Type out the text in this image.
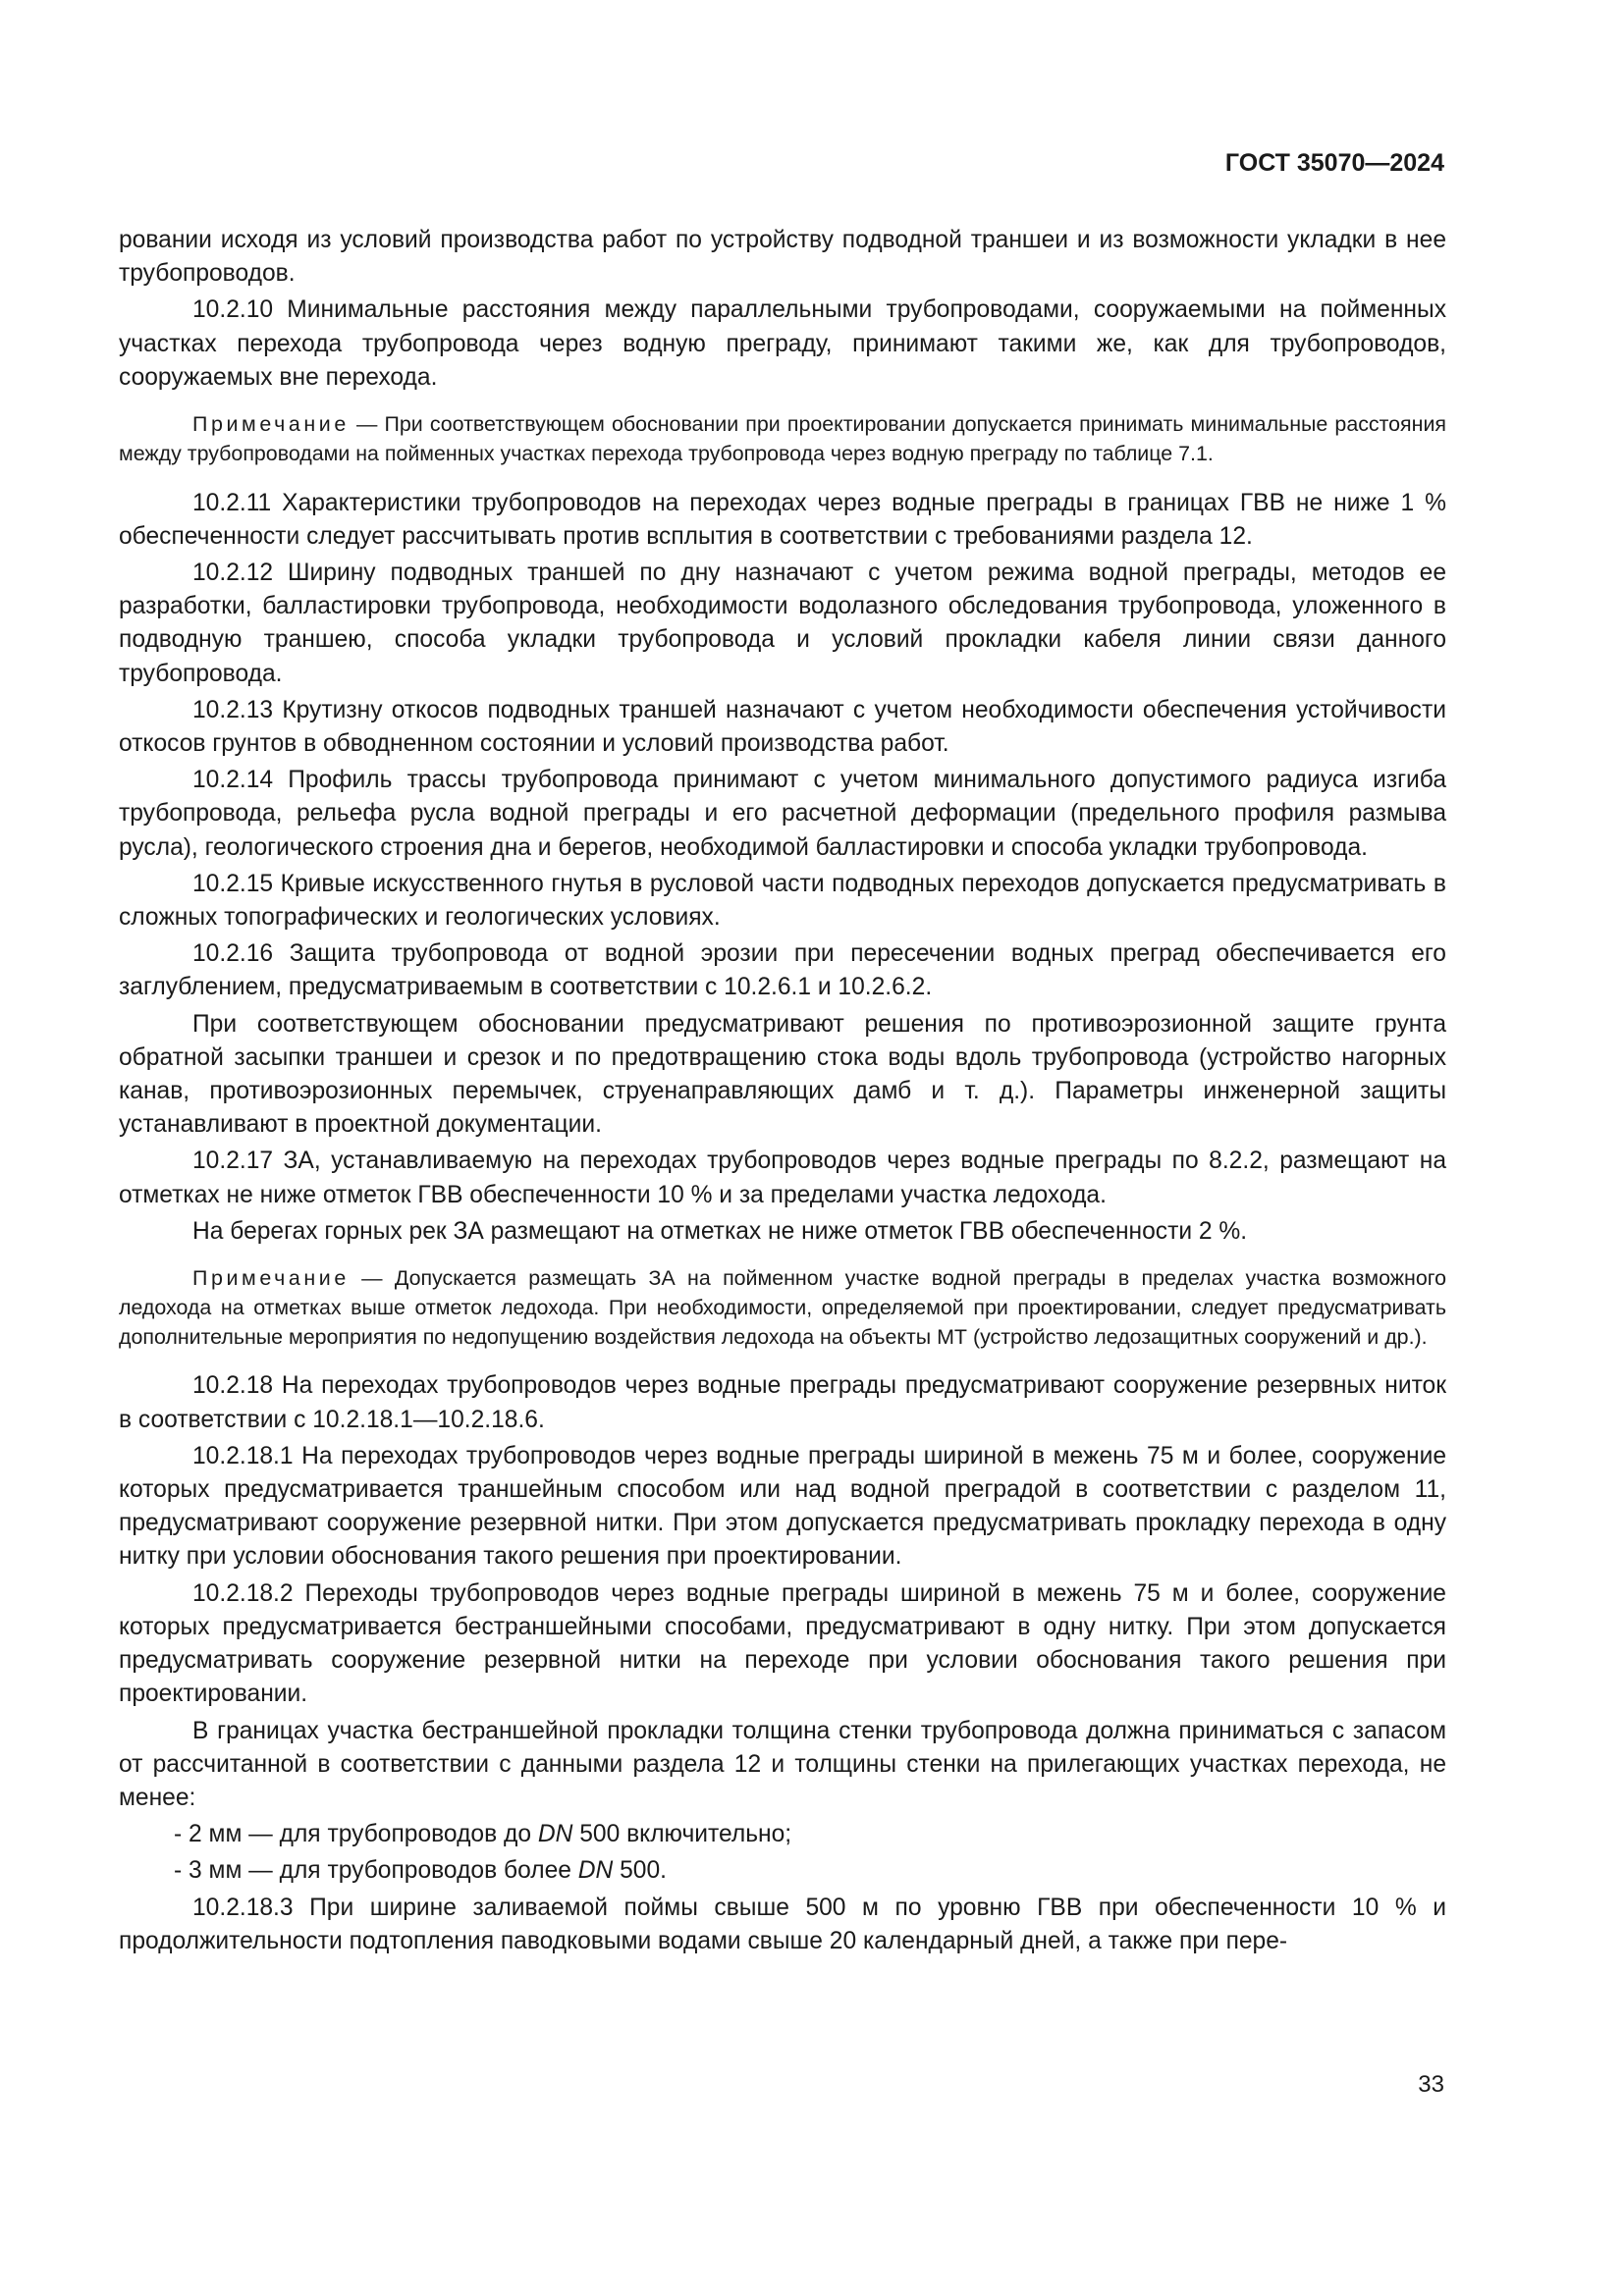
ГОСТ 35070—2024

ровании исходя из условий производства работ по устройству подводной траншеи и из возможности укладки в нее трубопроводов.

10.2.10 Минимальные расстояния между параллельными трубопроводами, сооружаемыми на пойменных участках перехода трубопровода через водную преграду, принимают такими же, как для трубопроводов, сооружаемых вне перехода.

Примечание — При соответствующем обосновании при проектировании допускается принимать минимальные расстояния между трубопроводами на пойменных участках перехода трубопровода через водную преграду по таблице 7.1.

10.2.11 Характеристики трубопроводов на переходах через водные преграды в границах ГВВ не ниже 1 % обеспеченности следует рассчитывать против всплытия в соответствии с требованиями раздела 12.

10.2.12 Ширину подводных траншей по дну назначают с учетом режима водной преграды, методов ее разработки, балластировки трубопровода, необходимости водолазного обследования трубопровода, уложенного в подводную траншею, способа укладки трубопровода и условий прокладки кабеля линии связи данного трубопровода.

10.2.13 Крутизну откосов подводных траншей назначают с учетом необходимости обеспечения устойчивости откосов грунтов в обводненном состоянии и условий производства работ.

10.2.14 Профиль трассы трубопровода принимают с учетом минимального допустимого радиуса изгиба трубопровода, рельефа русла водной преграды и его расчетной деформации (предельного профиля размыва русла), геологического строения дна и берегов, необходимой балластировки и способа укладки трубопровода.

10.2.15 Кривые искусственного гнутья в русловой части подводных переходов допускается предусматривать в сложных топографических и геологических условиях.

10.2.16 Защита трубопровода от водной эрозии при пересечении водных преград обеспечивается его заглублением, предусматриваемым в соответствии с 10.2.6.1 и 10.2.6.2.

При соответствующем обосновании предусматривают решения по противоэрозионной защите грунта обратной засыпки траншеи и срезок и по предотвращению стока воды вдоль трубопровода (устройство нагорных канав, противоэрозионных перемычек, струенаправляющих дамб и т. д.). Параметры инженерной защиты устанавливают в проектной документации.

10.2.17 ЗА, устанавливаемую на переходах трубопроводов через водные преграды по 8.2.2, размещают на отметках не ниже отметок ГВВ обеспеченности 10 % и за пределами участка ледохода.

На берегах горных рек ЗА размещают на отметках не ниже отметок ГВВ обеспеченности 2 %.

Примечание — Допускается размещать ЗА на пойменном участке водной преграды в пределах участка возможного ледохода на отметках выше отметок ледохода. При необходимости, определяемой при проектировании, следует предусматривать дополнительные мероприятия по недопущению воздействия ледохода на объекты МТ (устройство ледозащитных сооружений и др.).

10.2.18 На переходах трубопроводов через водные преграды предусматривают сооружение резервных ниток в соответствии с 10.2.18.1—10.2.18.6.

10.2.18.1 На переходах трубопроводов через водные преграды шириной в межень 75 м и более, сооружение которых предусматривается траншейным способом или над водной преградой в соответствии с разделом 11, предусматривают сооружение резервной нитки. При этом допускается предусматривать прокладку перехода в одну нитку при условии обоснования такого решения при проектировании.

10.2.18.2 Переходы трубопроводов через водные преграды шириной в межень 75 м и более, сооружение которых предусматривается бестраншейными способами, предусматривают в одну нитку. При этом допускается предусматривать сооружение резервной нитки на переходе при условии обоснования такого решения при проектировании.

В границах участка бестраншейной прокладки толщина стенки трубопровода должна приниматься с запасом от рассчитанной в соответствии с данными раздела 12 и толщины стенки на прилегающих участках перехода, не менее:

- 2 мм — для трубопроводов до DN 500 включительно;

- 3 мм — для трубопроводов более DN 500.

10.2.18.3 При ширине заливаемой поймы свыше 500 м по уровню ГВВ при обеспеченности 10 % и продолжительности подтопления паводковыми водами свыше 20 календарный дней, а также при пере-

33
